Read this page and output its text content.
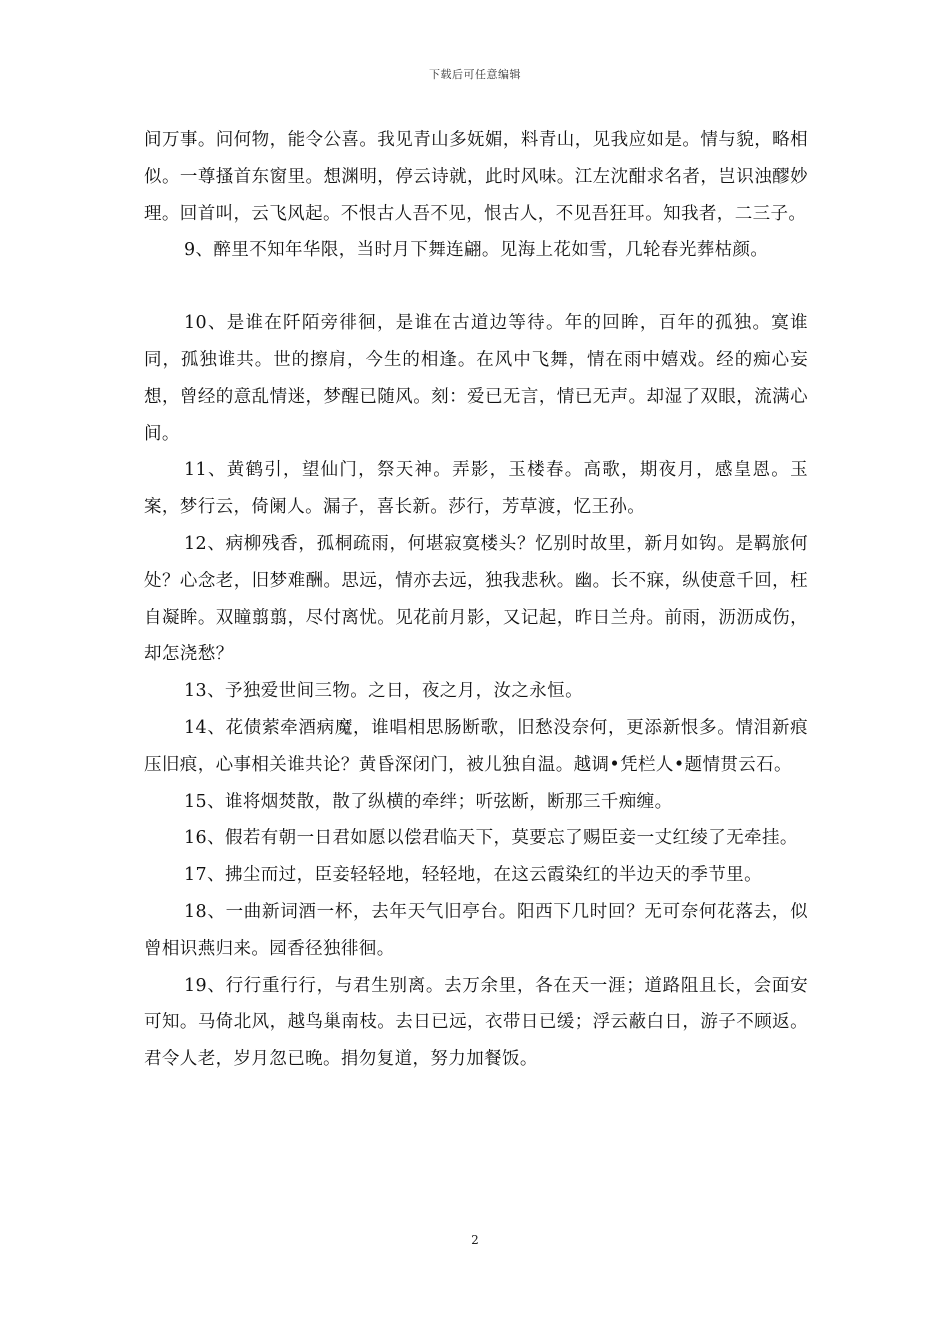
下载后可任意编辑

间万事。问何物，能令公喜。我见青山多妩媚，料青山，见我应如是。情与貌，略相似。一尊搔首东窗里。想渊明，停云诗就，此时风味。江左沈酣求名者，岂识浊醪妙理。回首叫，云飞风起。不恨古人吾不见，恨古人，不见吾狂耳。知我者，二三子。

9、醉里不知年华限，当时月下舞连翩。见海上花如雪，几轮春光葬枯颜。

10、是谁在阡陌旁徘徊，是谁在古道边等待。年的回眸，百年的孤独。寞谁同，孤独谁共。世的擦肩，今生的相逢。在风中飞舞，情在雨中嬉戏。经的痴心妄想，曾经的意乱情迷，梦醒已随风。刻：爱已无言，情已无声。却湿了双眼，流满心间。

11、黄鹤引，望仙门，祭天神。弄影，玉楼春。高歌，期夜月，感皇恩。玉案，梦行云，倚阑人。漏子，喜长新。莎行，芳草渡，忆王孙。

12、病柳残香，孤桐疏雨，何堪寂寞楼头？忆别时故里，新月如钩。是羁旅何处？心念老，旧梦难酬。思远，情亦去远，独我悲秋。幽。长不寐，纵使意千回，枉自凝眸。双瞳翦翦，尽付离忧。见花前月影，又记起，昨日兰舟。前雨，沥沥成伤，却怎浇愁？

13、予独爱世间三物。之日，夜之月，汝之永恒。

14、花债萦牵酒病魔，谁唱相思肠断歌，旧愁没奈何，更添新恨多。情泪新痕压旧痕，心事相关谁共论？黄昏深闭门，被儿独自温。越调•凭栏人•题情贯云石。

15、谁将烟焚散，散了纵横的牵绊；听弦断，断那三千痴缠。

16、假若有朝一日君如愿以偿君临天下，莫要忘了赐臣妾一丈红绫了无牵挂。

17、拂尘而过，臣妾轻轻地，轻轻地，在这云霞染红的半边天的季节里。

18、一曲新词酒一杯，去年天气旧亭台。阳西下几时回？无可奈何花落去，似曾相识燕归来。园香径独徘徊。

19、行行重行行，与君生别离。去万余里，各在天一涯；道路阻且长，会面安可知。马倚北风，越鸟巢南枝。去日已远，衣带日已缓；浮云蔽白日，游子不顾返。君令人老，岁月忽已晚。捐勿复道，努力加餐饭。

2
